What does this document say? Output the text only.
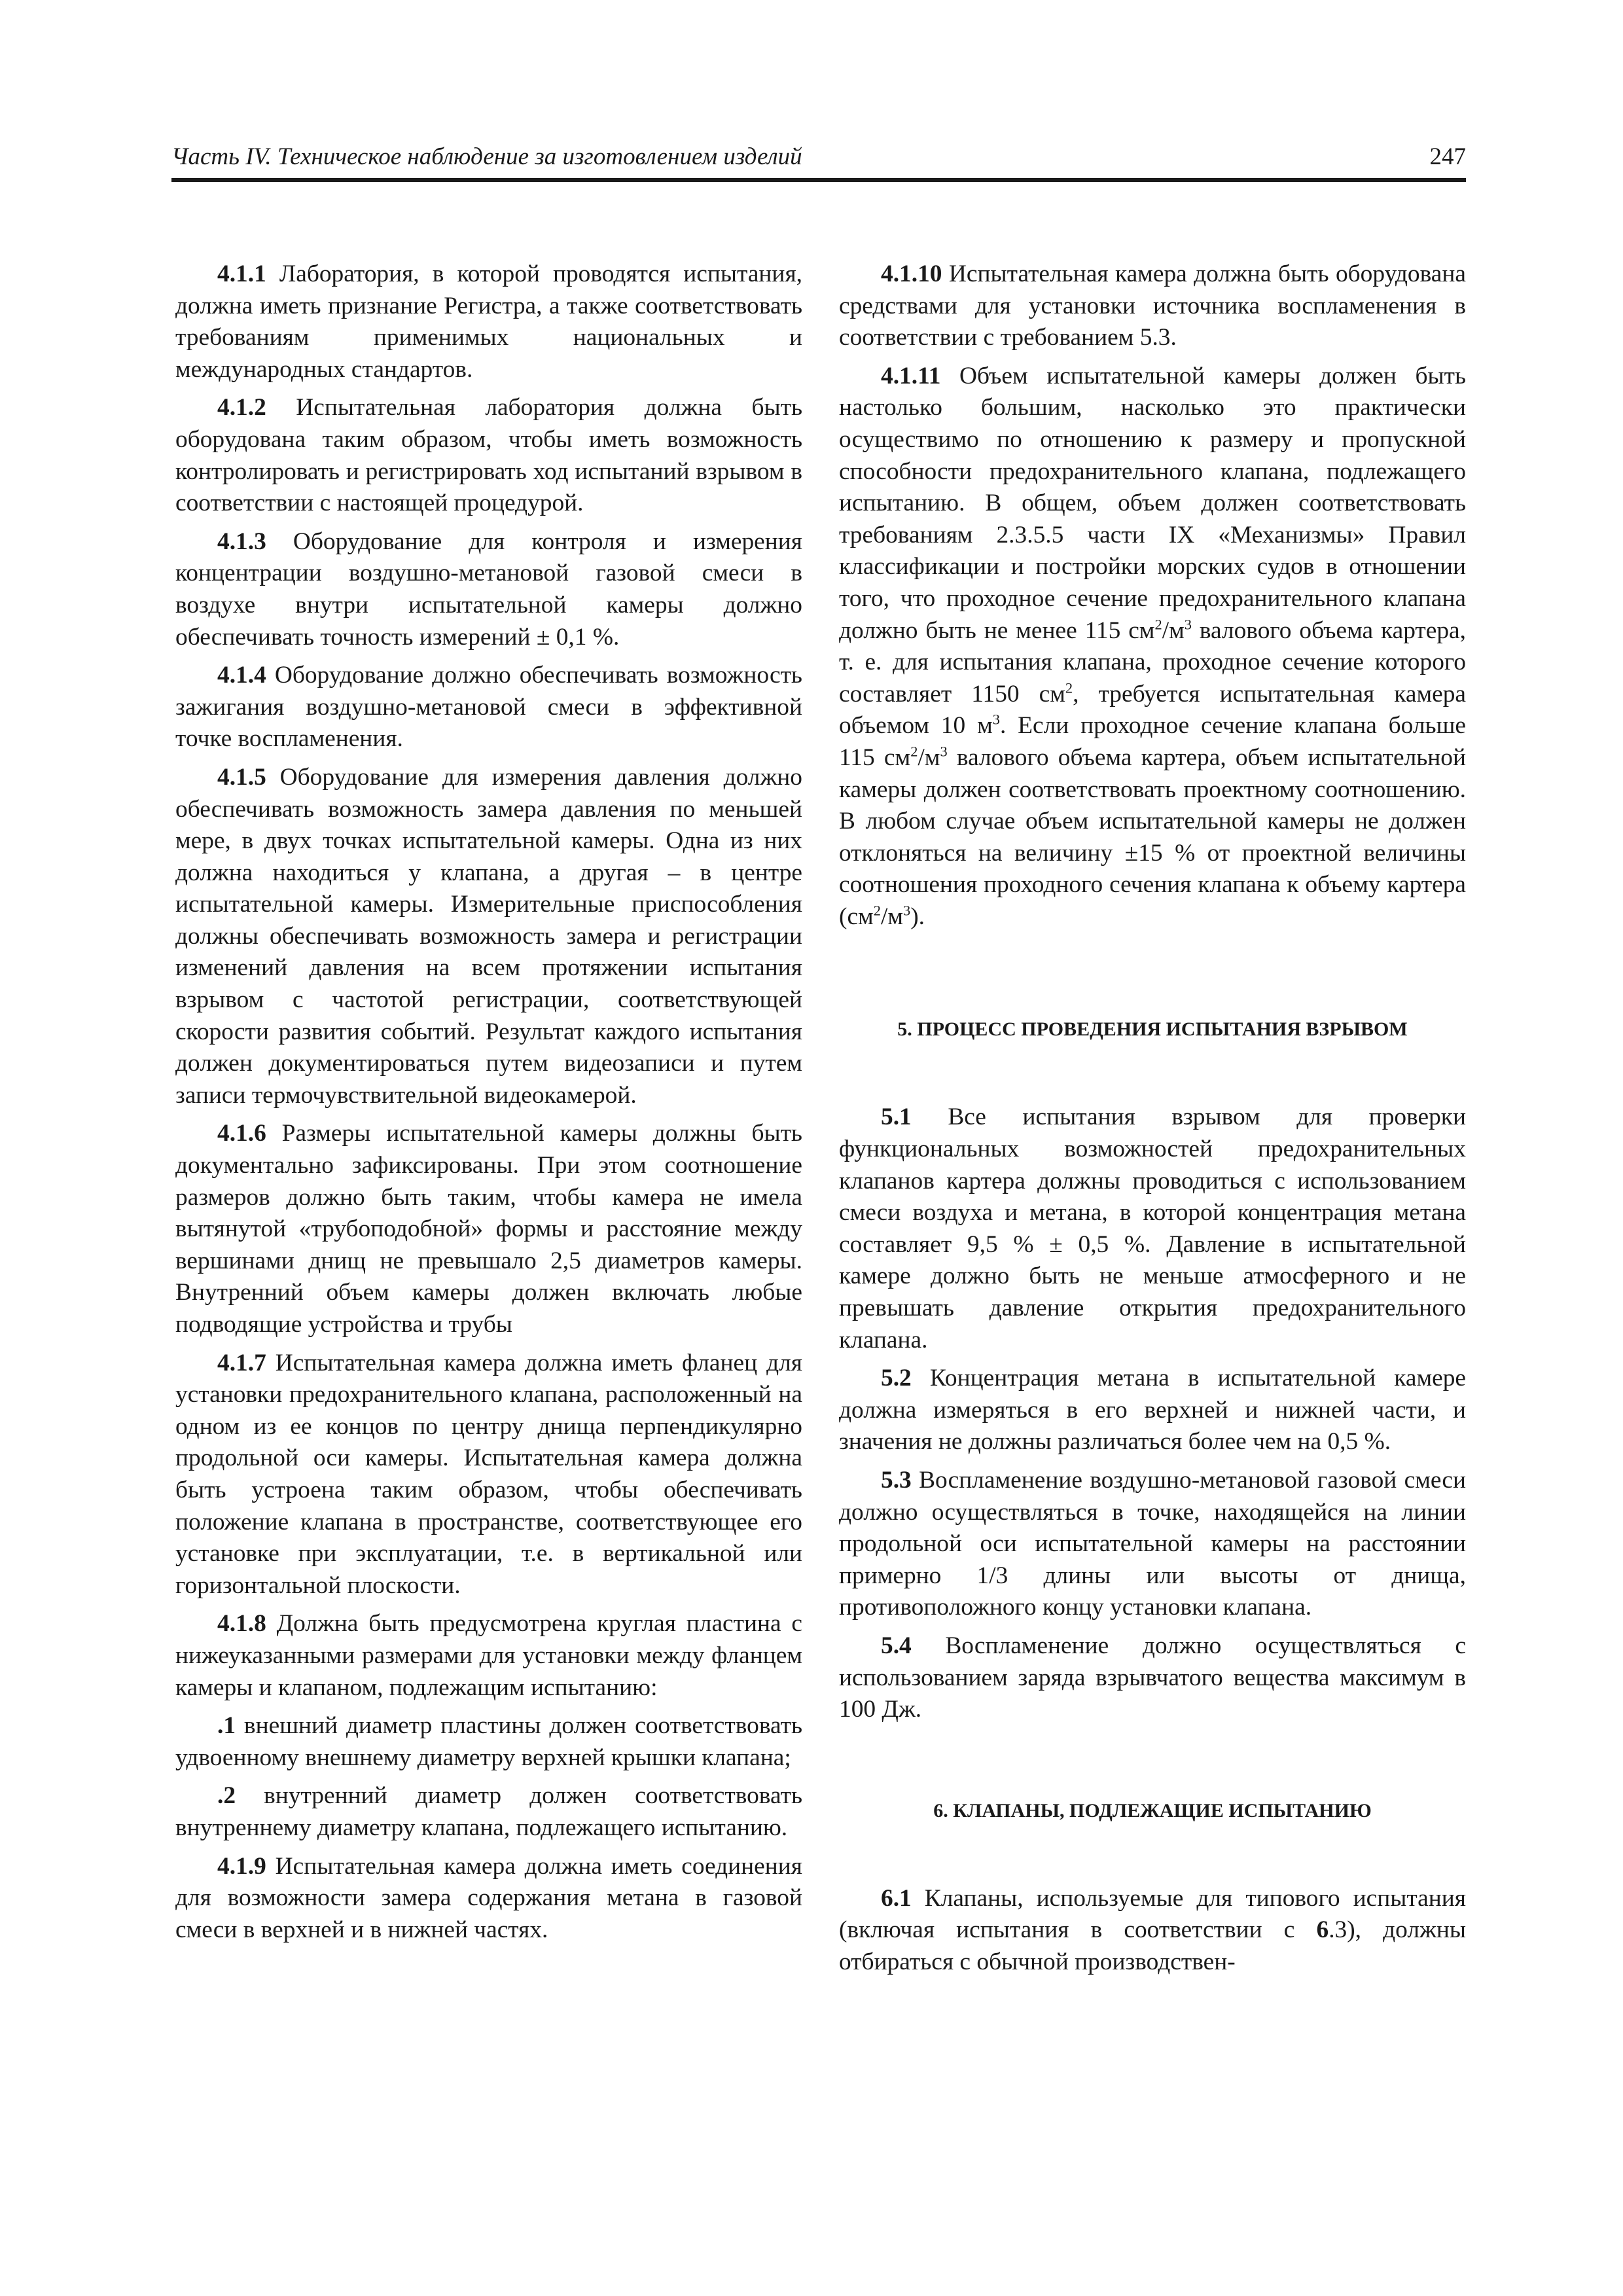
Часть IV. Техническое наблюдение за изготовлением изделий	247

4.1.1 Лаборатория, в которой проводятся испытания, должна иметь признание Регистра, а также соответствовать требованиям применимых национальных и международных стандартов.

4.1.2 Испытательная лаборатория должна быть оборудована таким образом, чтобы иметь возможность контролировать и регистрировать ход испытаний взрывом в соответствии с настоящей процедурой.

4.1.3 Оборудование для контроля и измерения концентрации воздушно-метановой газовой смеси в воздухе внутри испытательной камеры должно обеспечивать точность измерений ± 0,1 %.

4.1.4 Оборудование должно обеспечивать возможность зажигания воздушно-метановой смеси в эффективной точке воспламенения.

4.1.5 Оборудование для измерения давления должно обеспечивать возможность замера давления по меньшей мере, в двух точках испытательной камеры. Одна из них должна находиться у клапана, а другая – в центре испытательной камеры. Измерительные приспособления должны обеспечивать возможность замера и регистрации изменений давления на всем протяжении испытания взрывом с частотой регистрации, соответствующей скорости развития событий. Результат каждого испытания должен документироваться путем видеозаписи и путем записи термочувствительной видеокамерой.

4.1.6 Размеры испытательной камеры должны быть документально зафиксированы. При этом соотношение размеров должно быть таким, чтобы камера не имела вытянутой «трубоподобной» формы и расстояние между вершинами днищ не превышало 2,5 диаметров камеры. Внутренний объем камеры должен включать любые подводящие устройства и трубы

4.1.7 Испытательная камера должна иметь фланец для установки предохранительного клапана, расположенный на одном из ее концов по центру днища перпендикулярно продольной оси камеры. Испытательная камера должна быть устроена таким образом, чтобы обеспечивать положение клапана в пространстве, соответствующее его установке при эксплуатации, т.е. в вертикальной или горизонтальной плоскости.

4.1.8 Должна быть предусмотрена круглая пластина с нижеуказанными размерами для установки между фланцем камеры и клапаном, подлежащим испытанию:

.1 внешний диаметр пластины должен соответствовать удвоенному внешнему диаметру верхней крышки клапана;

.2 внутренний диаметр должен соответствовать внутреннему диаметру клапана, подлежащего испытанию.

4.1.9 Испытательная камера должна иметь соединения для возможности замера содержания метана в газовой смеси в верхней и в нижней частях.

4.1.10 Испытательная камера должна быть оборудована средствами для установки источника воспламенения в соответствии с требованием 5.3.

4.1.11 Объем испытательной камеры должен быть настолько большим, насколько это практически осуществимо по отношению к размеру и пропускной способности предохранительного клапана, подлежащего испытанию. В общем, объем должен соответствовать требованиям 2.3.5.5 части IX «Механизмы» Правил классификации и постройки морских судов в отношении того, что проходное сечение предохранительного клапана должно быть не менее 115 $см^2/м^3$ валового объема картера, т. е. для испытания клапана, проходное сечение которого составляет 1150 $см^2$, требуется испытательная камера объемом 10 $м^3$. Если проходное сечение клапана больше 115 $см^2/м^3$ валового объема картера, объем испытательной камеры должен соответствовать проектному соотношению. В любом случае объем испытательной камеры не должен отклоняться на величину ±15 % от проектной величины соотношения проходного сечения клапана к объему картера $(см^2/м^3)$.

5. ПРОЦЕСС ПРОВЕДЕНИЯ ИСПЫТАНИЯ ВЗРЫВОМ

5.1 Все испытания взрывом для проверки функциональных возможностей предохранительных клапанов картера должны проводиться с использованием смеси воздуха и метана, в которой концентрация метана составляет 9,5 % ± 0,5 %. Давление в испытательной камере должно быть не меньше атмосферного и не превышать давление открытия предохранительного клапана.

5.2 Концентрация метана в испытательной камере должна измеряться в его верхней и нижней части, и значения не должны различаться более чем на 0,5 %.

5.3 Воспламенение воздушно-метановой газовой смеси должно осуществляться в точке, находящейся на линии продольной оси испытательной камеры на расстоянии примерно 1/3 длины или высоты от днища, противоположного концу установки клапана.

5.4 Воспламенение должно осуществляться с использованием заряда взрывчатого вещества максимум в 100 Дж.

6. КЛАПАНЫ, ПОДЛЕЖАЩИЕ ИСПЫТАНИЮ

6.1 Клапаны, используемые для типового испытания (включая испытания в соответствии с 6.3), должны отбираться с обычной производствен-
